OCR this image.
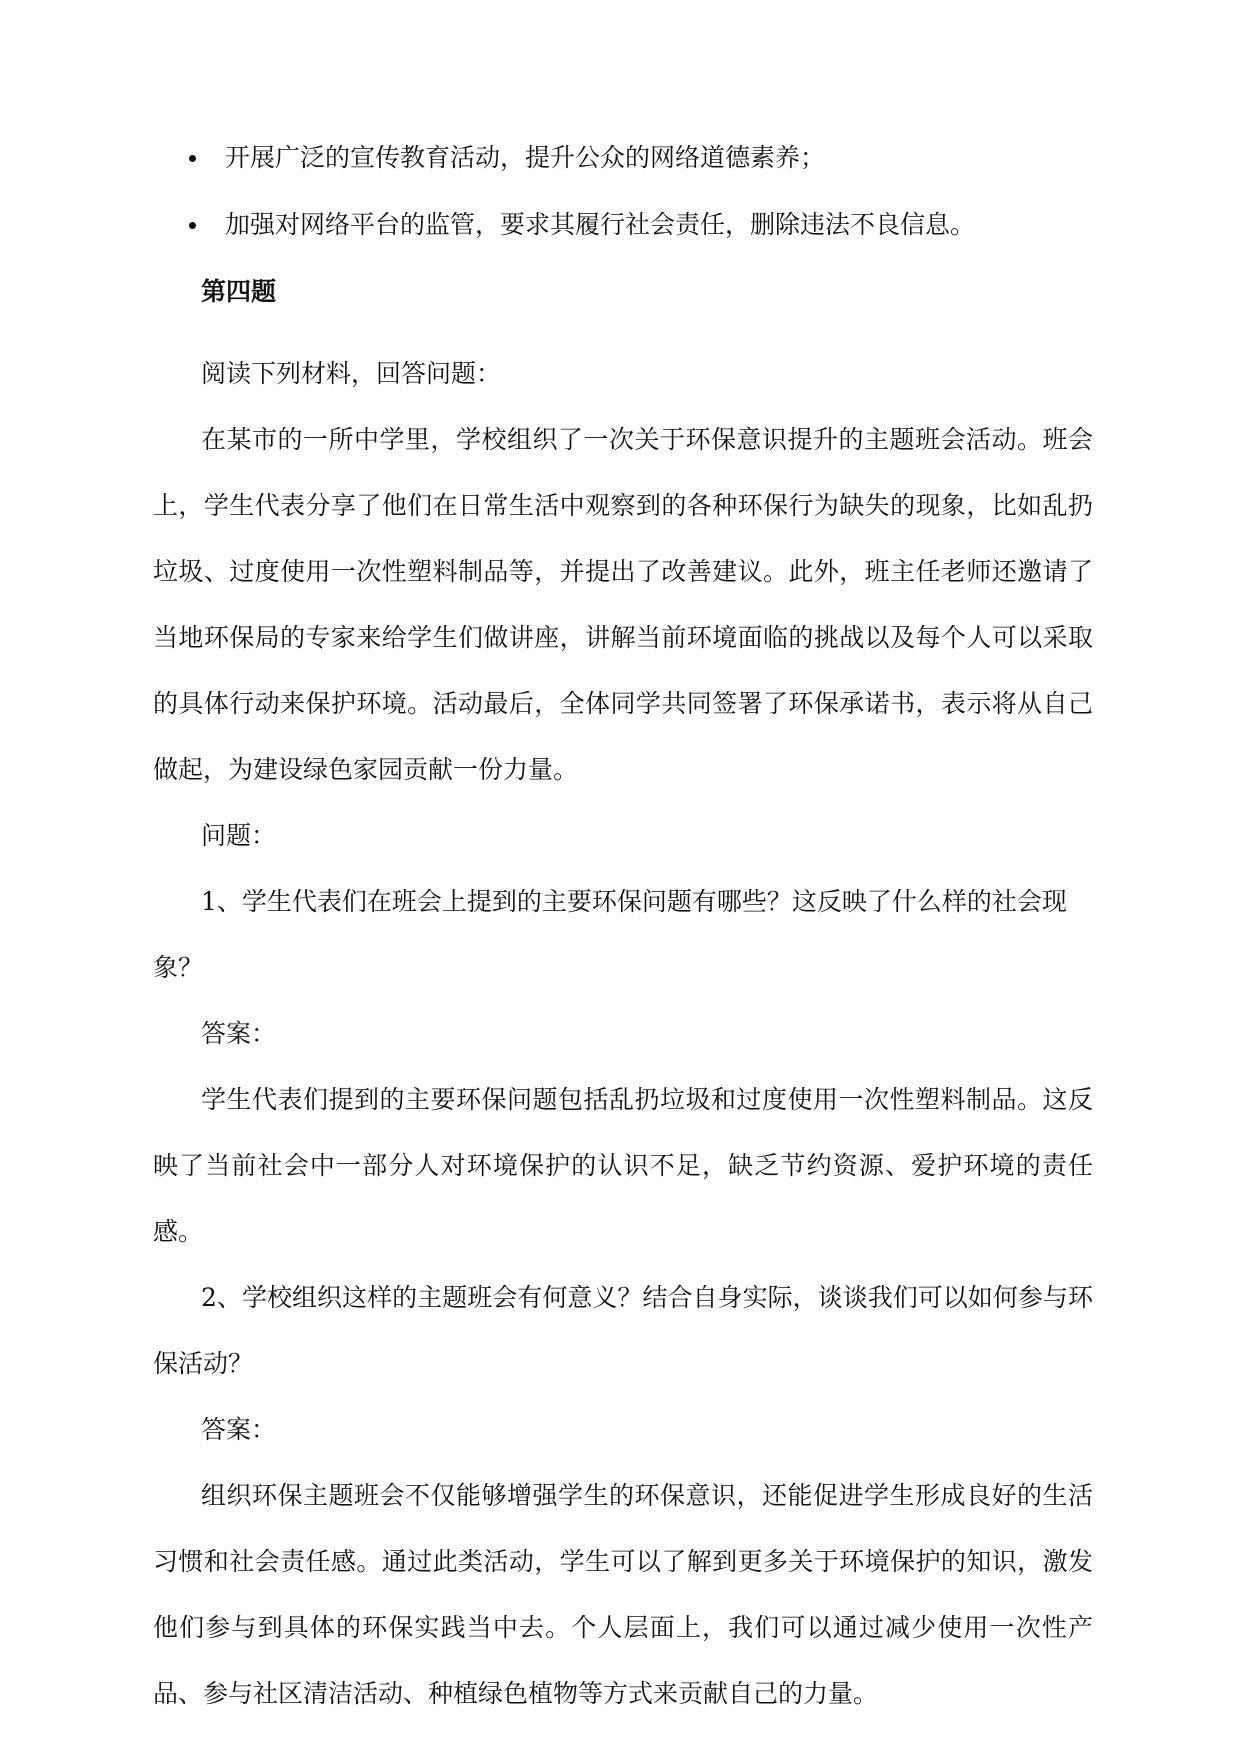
开展广泛的宣传教育活动，提升公众的网络道德素养；
加强对网络平台的监管，要求其履行社会责任，删除违法不良信息。
第四题

阅读下列材料，回答问题：

在某市的一所中学里，学校组织了一次关于环保意识提升的主题班会活动。班会上，学生代表分享了他们在日常生活中观察到的各种环保行为缺失的现象，比如乱扔垃圾、过度使用一次性塑料制品等，并提出了改善建议。此外，班主任老师还邀请了当地环保局的专家来给学生们做讲座，讲解当前环境面临的挑战以及每个人可以采取的具体行动来保护环境。活动最后，全体同学共同签署了环保承诺书，表示将从自己做起，为建设绿色家园贡献一份力量。

问题：

1、学生代表们在班会上提到的主要环保问题有哪些？这反映了什么样的社会现象？

答案：

学生代表们提到的主要环保问题包括乱扔垃圾和过度使用一次性塑料制品。这反映了当前社会中一部分人对环境保护的认识不足，缺乏节约资源、爱护环境的责任感。

2、学校组织这样的主题班会有何意义？结合自身实际，谈谈我们可以如何参与环保活动？

答案：

组织环保主题班会不仅能够增强学生的环保意识，还能促进学生形成良好的生活习惯和社会责任感。通过此类活动，学生可以了解到更多关于环境保护的知识，激发他们参与到具体的环保实践当中去。个人层面上，我们可以通过减少使用一次性产品、参与社区清洁活动、种植绿色植物等方式来贡献自己的力量。
